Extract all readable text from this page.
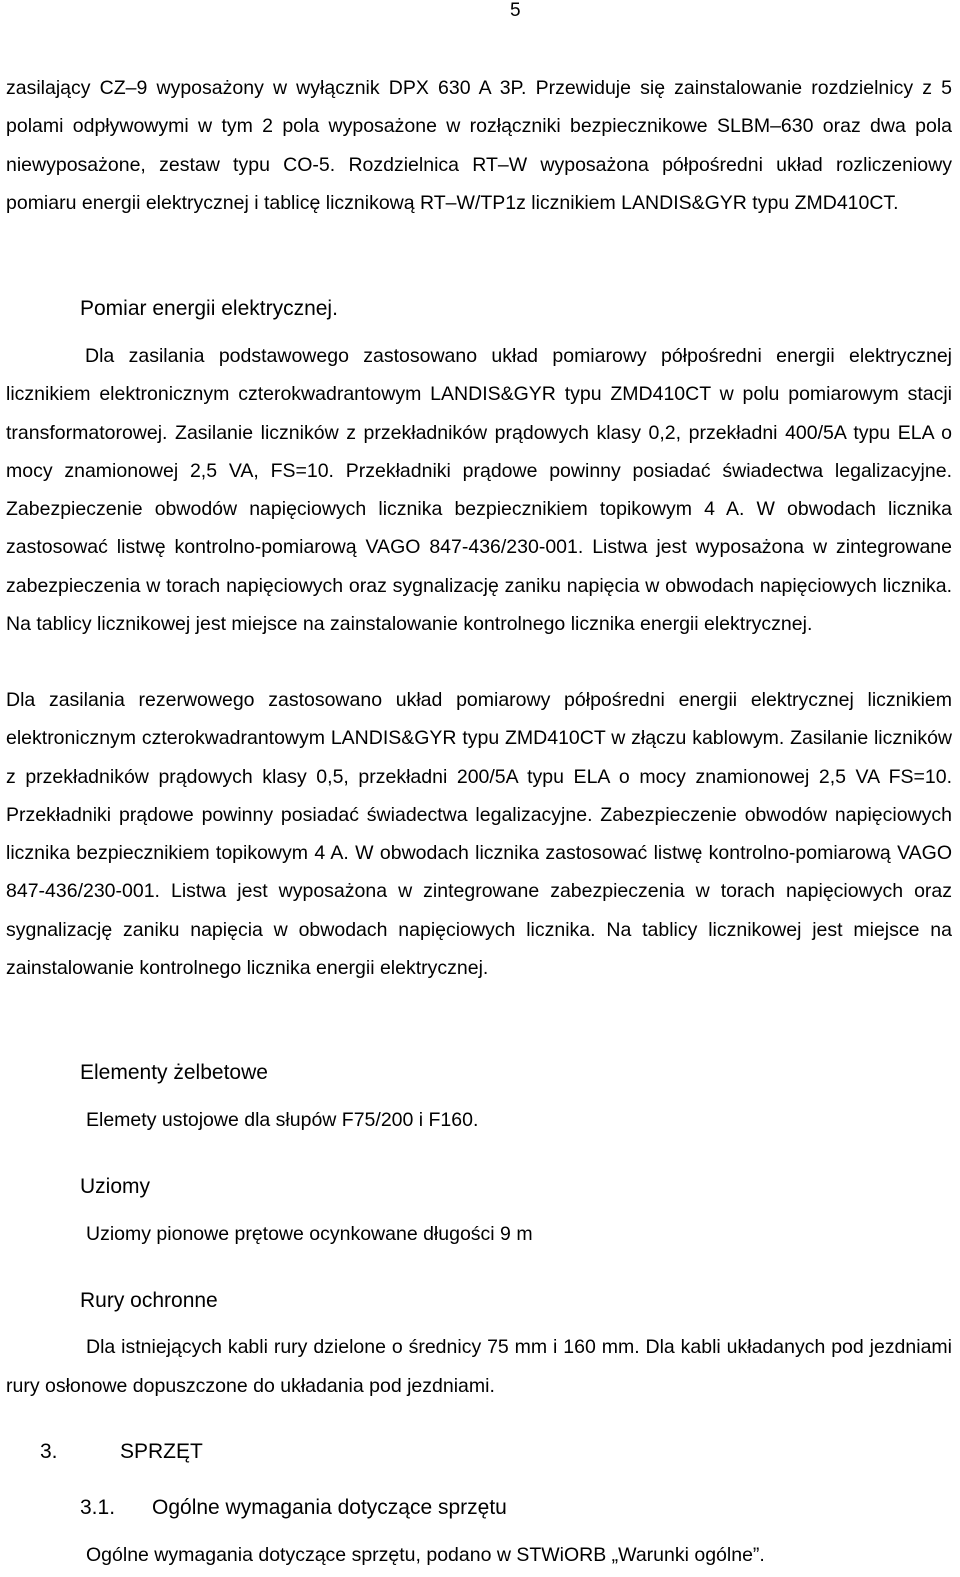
5

zasilający CZ–9 wyposażony w wyłącznik DPX 630 A 3P. Przewiduje się zainstalowanie rozdzielnicy z 5 polami odpływowymi w tym 2 pola wyposażone w rozłączniki bezpiecznikowe SLBM–630 oraz dwa pola niewyposażone, zestaw typu CO-5. Rozdzielnica RT–W wyposażona półpośredni układ rozliczeniowy pomiaru energii elektrycznej i tablicę licznikową RT–W/TP1z licznikiem LANDIS&GYR typu ZMD410CT.

Pomiar energii elektrycznej.

Dla zasilania podstawowego zastosowano układ pomiarowy półpośredni energii elektrycznej licznikiem elektronicznym czterokwadrantowym LANDIS&GYR typu ZMD410CT w polu pomiarowym stacji transformatorowej. Zasilanie liczników z przekładników prądowych klasy 0,2, przekładni 400/5A typu ELA o mocy znamionowej 2,5 VA, FS=10. Przekładniki prądowe powinny posiadać świadectwa legalizacyjne. Zabezpieczenie obwodów napięciowych licznika bezpiecznikiem topikowym 4 A. W obwodach licznika zastosować listwę kontrolno-pomiarową VAGO 847-436/230-001. Listwa jest wyposażona w zintegrowane zabezpieczenia w torach napięciowych oraz sygnalizację zaniku napięcia w obwodach napięciowych licznika. Na tablicy licznikowej jest miejsce na zainstalowanie kontrolnego licznika energii elektrycznej.

Dla zasilania rezerwowego zastosowano układ pomiarowy półpośredni energii elektrycznej licznikiem elektronicznym czterokwadrantowym LANDIS&GYR typu ZMD410CT w złączu kablowym. Zasilanie liczników z przekładników prądowych klasy 0,5, przekładni 200/5A typu ELA o mocy znamionowej 2,5 VA FS=10. Przekładniki prądowe powinny posiadać świadectwa legalizacyjne. Zabezpieczenie obwodów napięciowych licznika bezpiecznikiem topikowym 4 A. W obwodach licznika zastosować listwę kontrolno-pomiarową VAGO 847-436/230-001. Listwa jest wyposażona w zintegrowane zabezpieczenia w torach napięciowych oraz sygnalizację zaniku napięcia w obwodach napięciowych licznika. Na tablicy licznikowej jest miejsce na zainstalowanie kontrolnego licznika energii elektrycznej.

Elementy żelbetowe

Elemety ustojowe dla słupów F75/200 i F160.

Uziomy

Uziomy pionowe prętowe ocynkowane długości 9 m

Rury ochronne

Dla istniejących kabli rury dzielone o średnicy 75 mm i 160 mm. Dla kabli układanych pod jezdniami rury osłonowe dopuszczone do układania pod jezdniami.

3.	SPRZĘT

3.1. Ogólne wymagania dotyczące sprzętu

Ogólne wymagania dotyczące sprzętu, podano w STWiORB „Warunki ogólne”.
